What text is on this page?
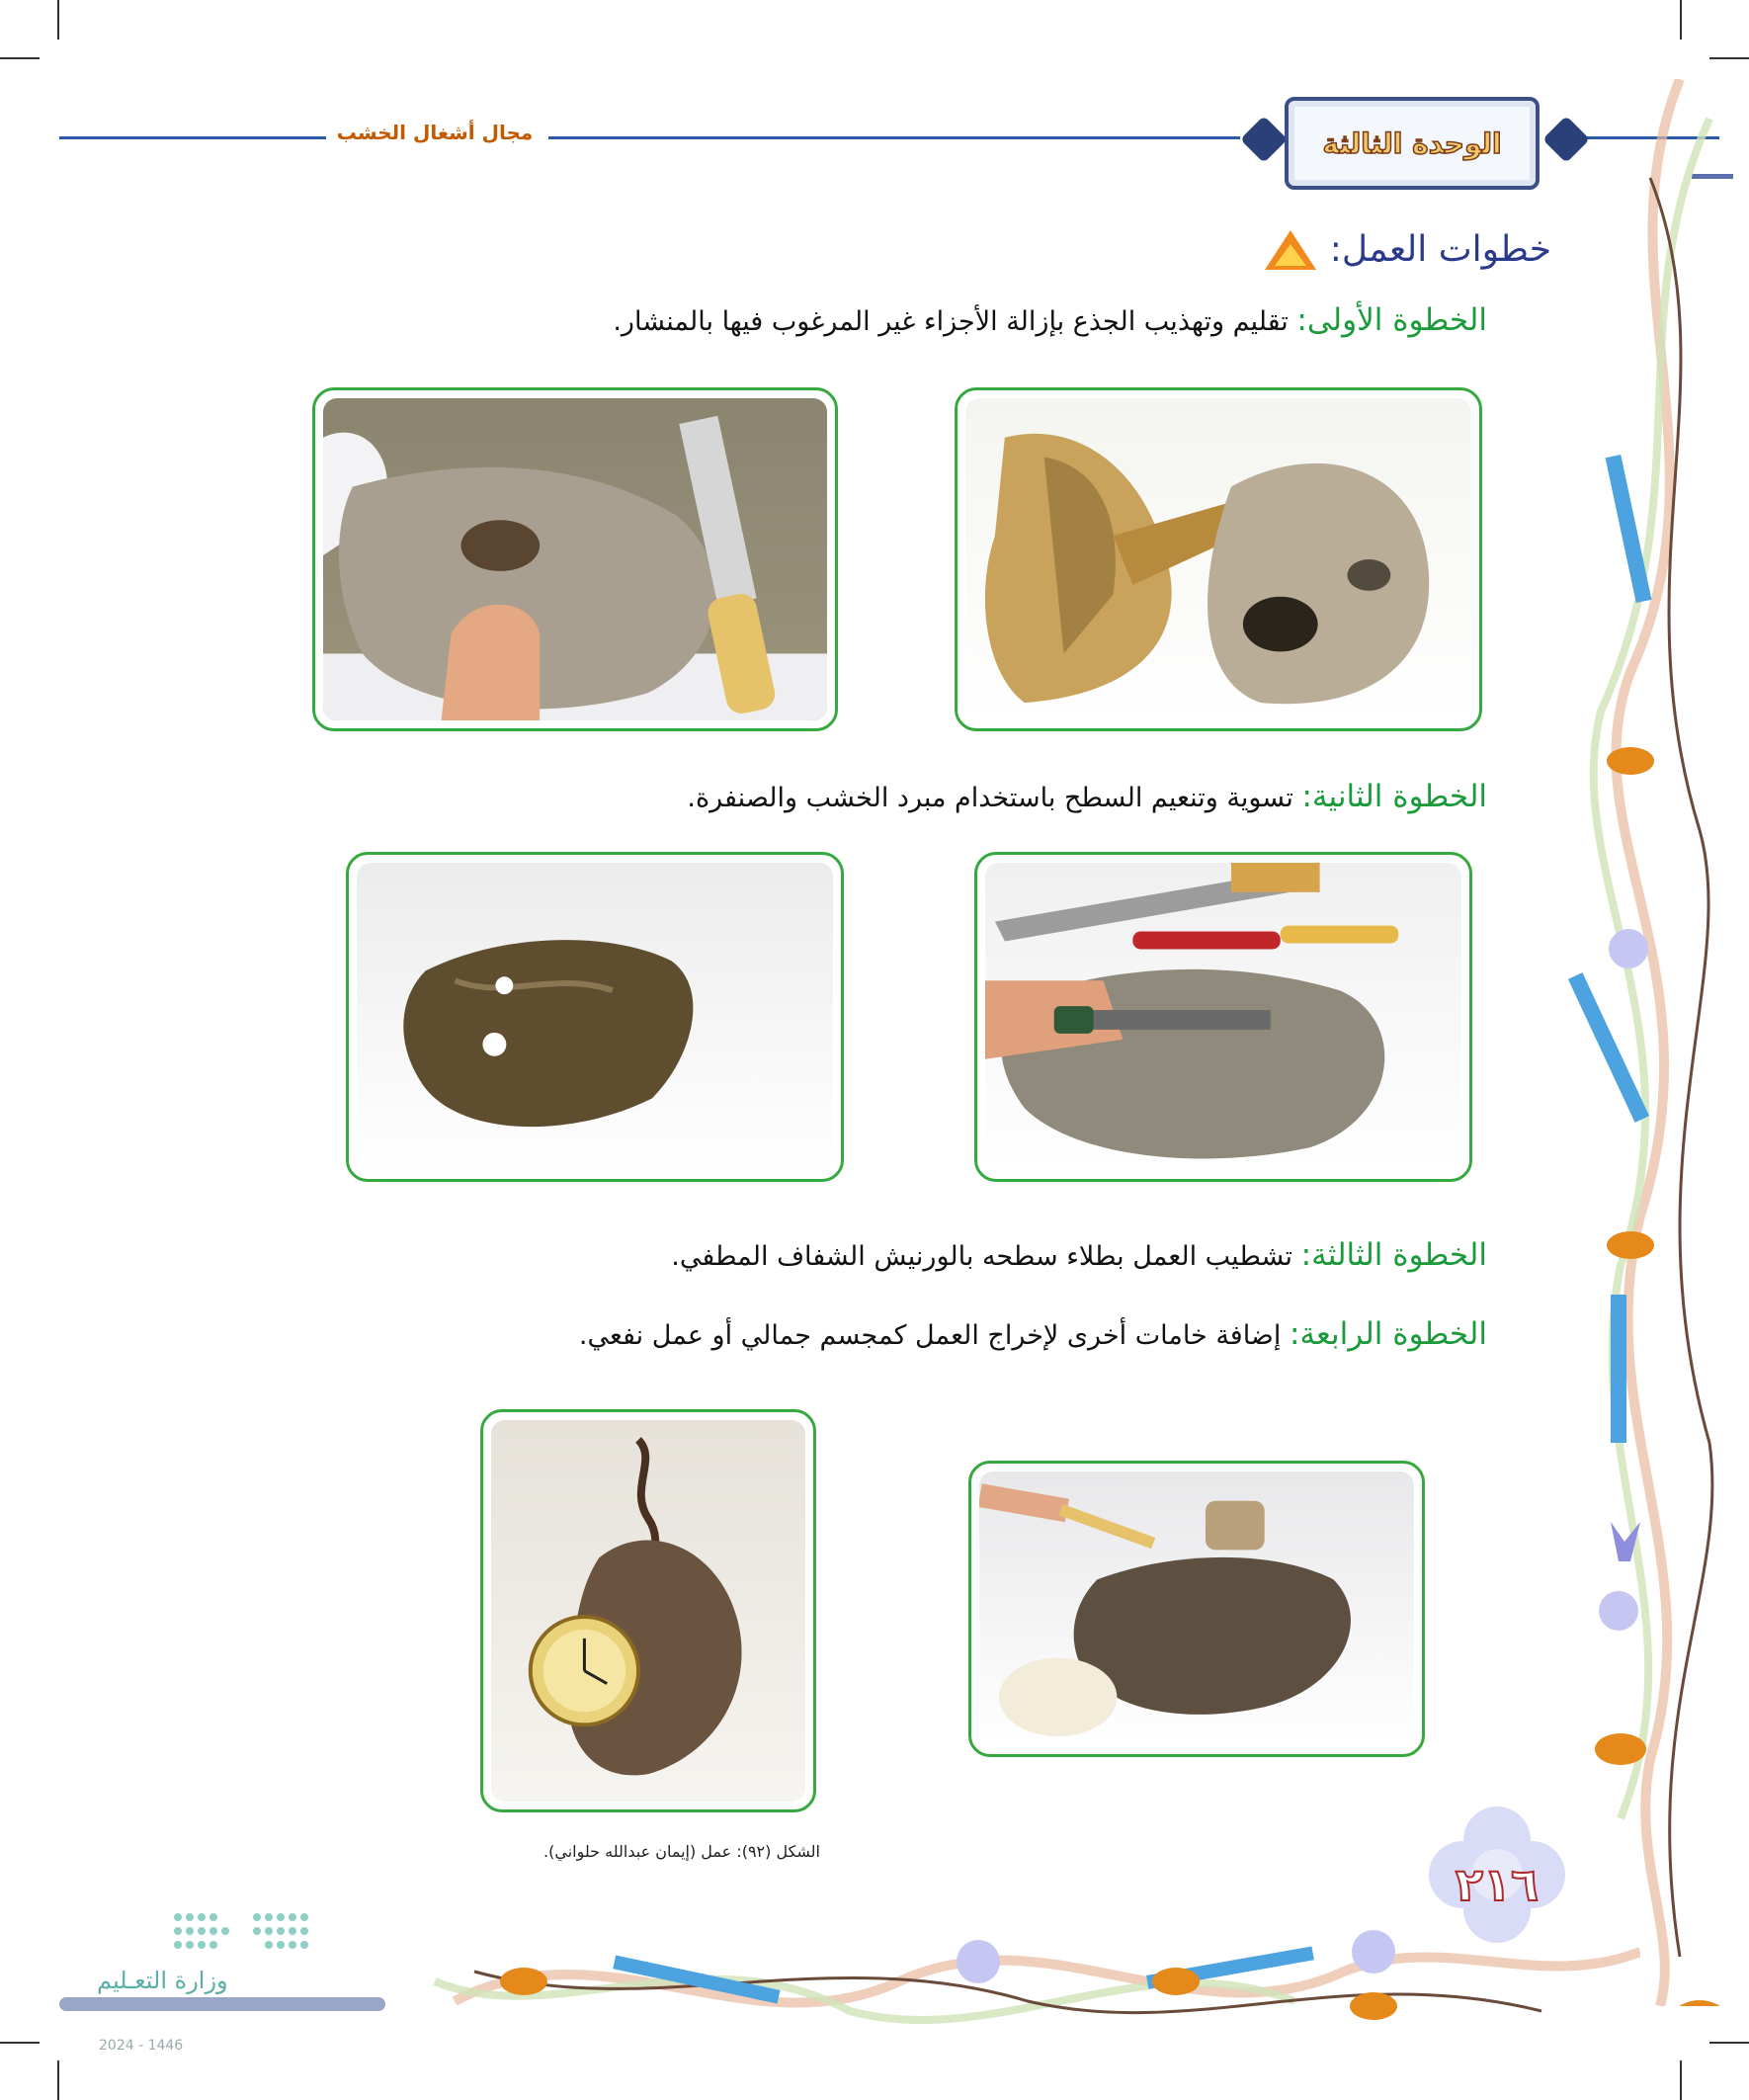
الوحدة الثالثة
مجال أشغال الخشب
خطوات العمل:
الخطوة الأولى: تقليم وتهذيب الجذع بإزالة الأجزاء غير المرغوب فيها بالمنشار.
الخطوة الثانية: تسوية وتنعيم السطح باستخدام مبرد الخشب والصنفرة.
الخطوة الثالثة: تشطيب العمل بطلاء سطحه بالورنيش الشفاف المطفي.
الخطوة الرابعة: إضافة خامات أخرى لإخراج العمل كمجسم جمالي أو عمل نفعي.
الشكل (٩٢): عمل (إيمان عبدالله حلواني).
٢١٦
وزارة التعـليم
2024 - 1446
